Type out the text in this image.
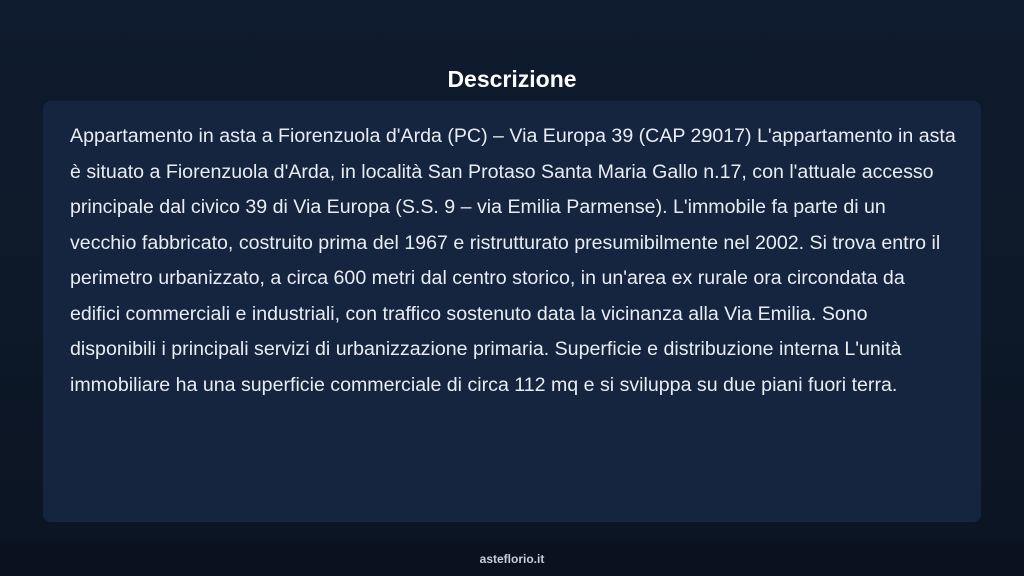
Descrizione

Appartamento in asta a Fiorenzuola d'Arda (PC) – Via Europa 39 (CAP 29017) L'appartamento in asta è situato a Fiorenzuola d'Arda, in località San Protaso Santa Maria Gallo n.17, con l'attuale accesso principale dal civico 39 di Via Europa (S.S. 9 – via Emilia Parmense). L'immobile fa parte di un vecchio fabbricato, costruito prima del 1967 e ristrutturato presumibilmente nel 2002. Si trova entro il perimetro urbanizzato, a circa 600 metri dal centro storico, in un'area ex rurale ora circondata da edifici commerciali e industriali, con traffico sostenuto data la vicinanza alla Via Emilia. Sono disponibili i principali servizi di urbanizzazione primaria. Superficie e distribuzione interna L'unità immobiliare ha una superficie commerciale di circa 112 mq e si sviluppa su due piani fuori terra.

asteflorio.it
